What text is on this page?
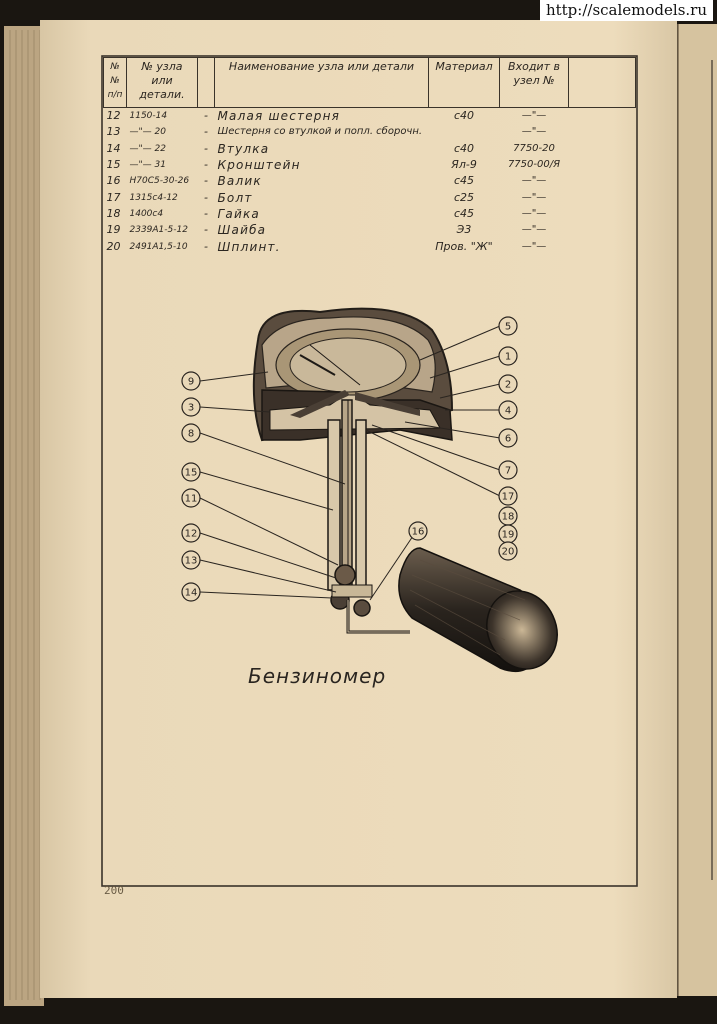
9
3
8
15
11
12
13
14
5
1
2
4
6
7
17
18
19
20
16
http://scalemodels.ru
№№ п/п	№ узла или детали.		Наименование узла или детали	Материал	Входит в узел №	
12	1150-14	-	Малая шестерня	с40	—"—	
13	—"— 20	-	Шестерня со втулкой и попл. сборочн.		—"—	
14	—"— 22	-	Втулка	с40	7750-20	
15	—"— 31	-	Кронштейн	Ял-9	7750-00/Я	
16	Н70С5-30-26	-	Валик	с45	—"—	
17	1315с4-12	-	Болт	с25	—"—	
18	1400с4	-	Гайка	с45	—"—	
19	2339А1-5-12	-	Шайба	Э3	—"—	
20	2491А1,5-10	-	Шплинт.	Пров. "Ж"	—"—	
Бензиномер
200
